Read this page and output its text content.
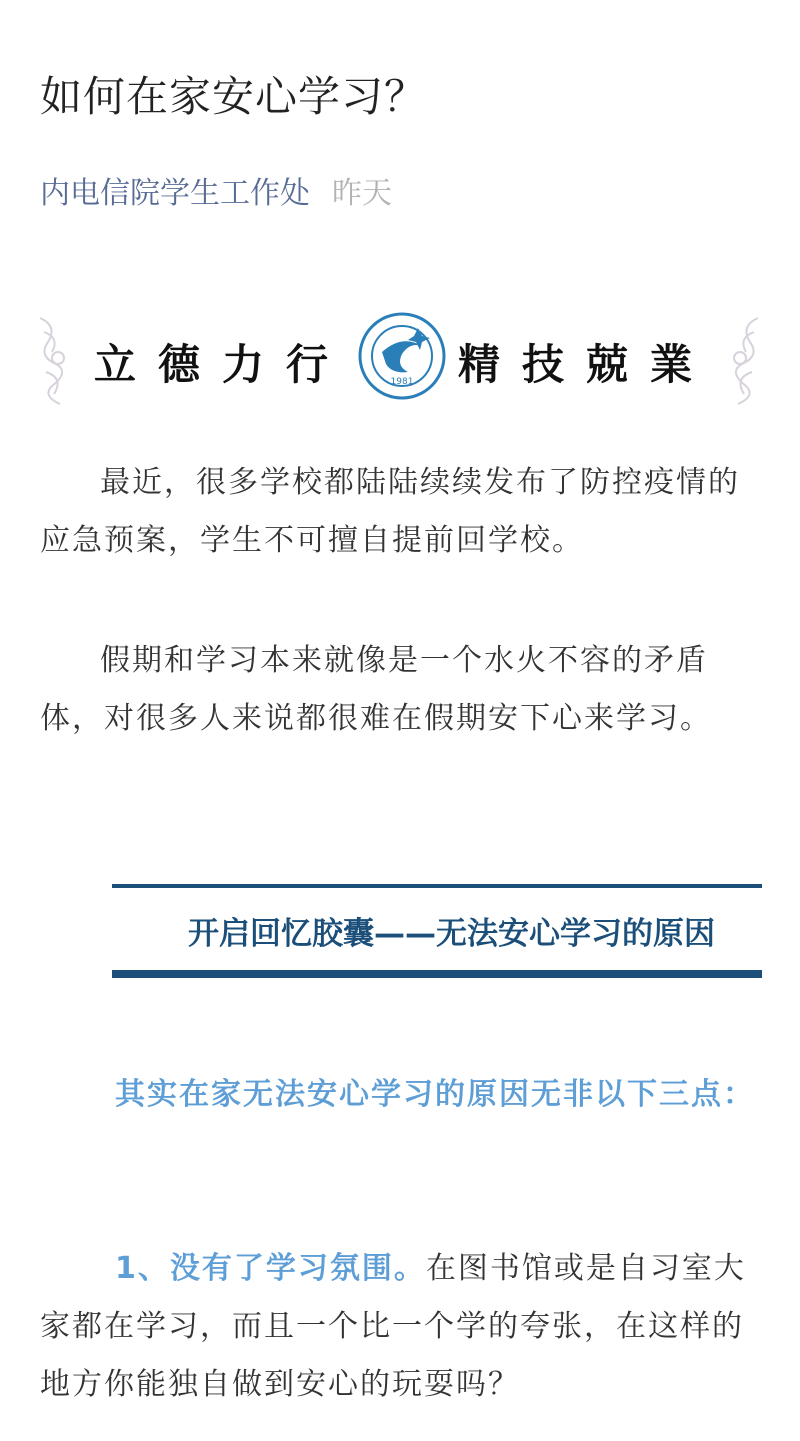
如何在家安心学习？
内电信院学生工作处 昨天
立德力行	1981 精技兢業

最近，很多学校都陆陆续续发布了防控疫情的应急预案，学生不可擅自提前回学校。

假期和学习本来就像是一个水火不容的矛盾体，对很多人来说都很难在假期安下心来学习。

开启回忆胶囊——无法安心学习的原因

其实在家无法安心学习的原因无非以下三点：

1、没有了学习氛围。在图书馆或是自习室大家都在学习，而且一个比一个学的夸张，在这样的地方你能独自做到安心的玩耍吗？
